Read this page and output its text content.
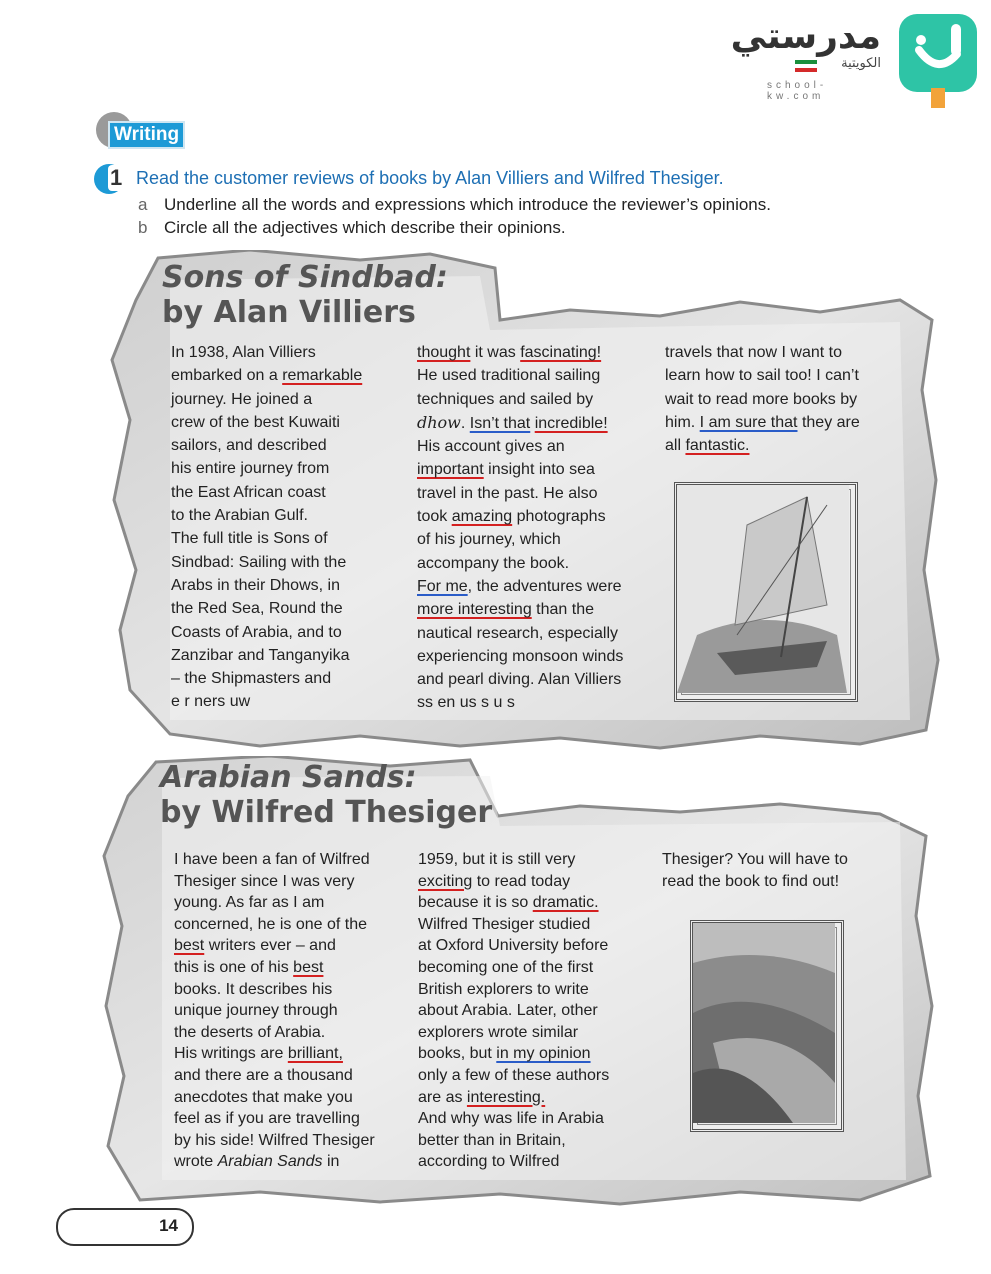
مدرستي
الكويتية
school-kw.com
Writing
1 Read the customer reviews of books by Alan Villiers and Wilfred Thesiger.
a Underline all the words and expressions which introduce the reviewer’s opinions.
b Circle all the adjectives which describe their opinions.
Sons of Sindbad:
by Alan Villiers
In 1938, Alan Villiers
embarked on a remarkable
journey. He joined a
crew of the best Kuwaiti
sailors, and described
his entire journey from
the East African coast
to the Arabian Gulf.
The full title is Sons of
Sindbad: Sailing with the
Arabs in their Dhows, in
the Red Sea, Round the
Coasts of Arabia, and to
Zanzibar and Tanganyika
– the Shipmasters and
e r ners uw
thought it was fascinating!
He used traditional sailing
techniques and sailed by
dhow. Isn’t that incredible!
His account gives an
important insight into sea
travel in the past. He also
took amazing photographs
of his journey, which
accompany the book.
For me, the adventures were
more interesting than the
nautical research, especially
experiencing monsoon winds
and pearl diving. Alan Villiers
ss en us s u s
travels that now I want to
learn how to sail too! I can’t
wait to read more books by
him. I am sure that they are
all fantastic.
Arabian Sands:
by Wilfred Thesiger
I have been a fan of Wilfred
Thesiger since I was very
young. As far as I am
concerned, he is one of the
best writers ever – and
this is one of his best
books. It describes his
unique journey through
the deserts of Arabia.
His writings are brilliant,
and there are a thousand
anecdotes that make you
feel as if you are travelling
by his side! Wilfred Thesiger
wrote Arabian Sands in
1959, but it is still very
exciting to read today
because it is so dramatic.
Wilfred Thesiger studied
at Oxford University before
becoming one of the first
British explorers to write
about Arabia. Later, other
explorers wrote similar
books, but in my opinion
only a few of these authors
are as interesting.
And why was life in Arabia
better than in Britain,
according to Wilfred
Thesiger? You will have to
read the book to find out!
14
